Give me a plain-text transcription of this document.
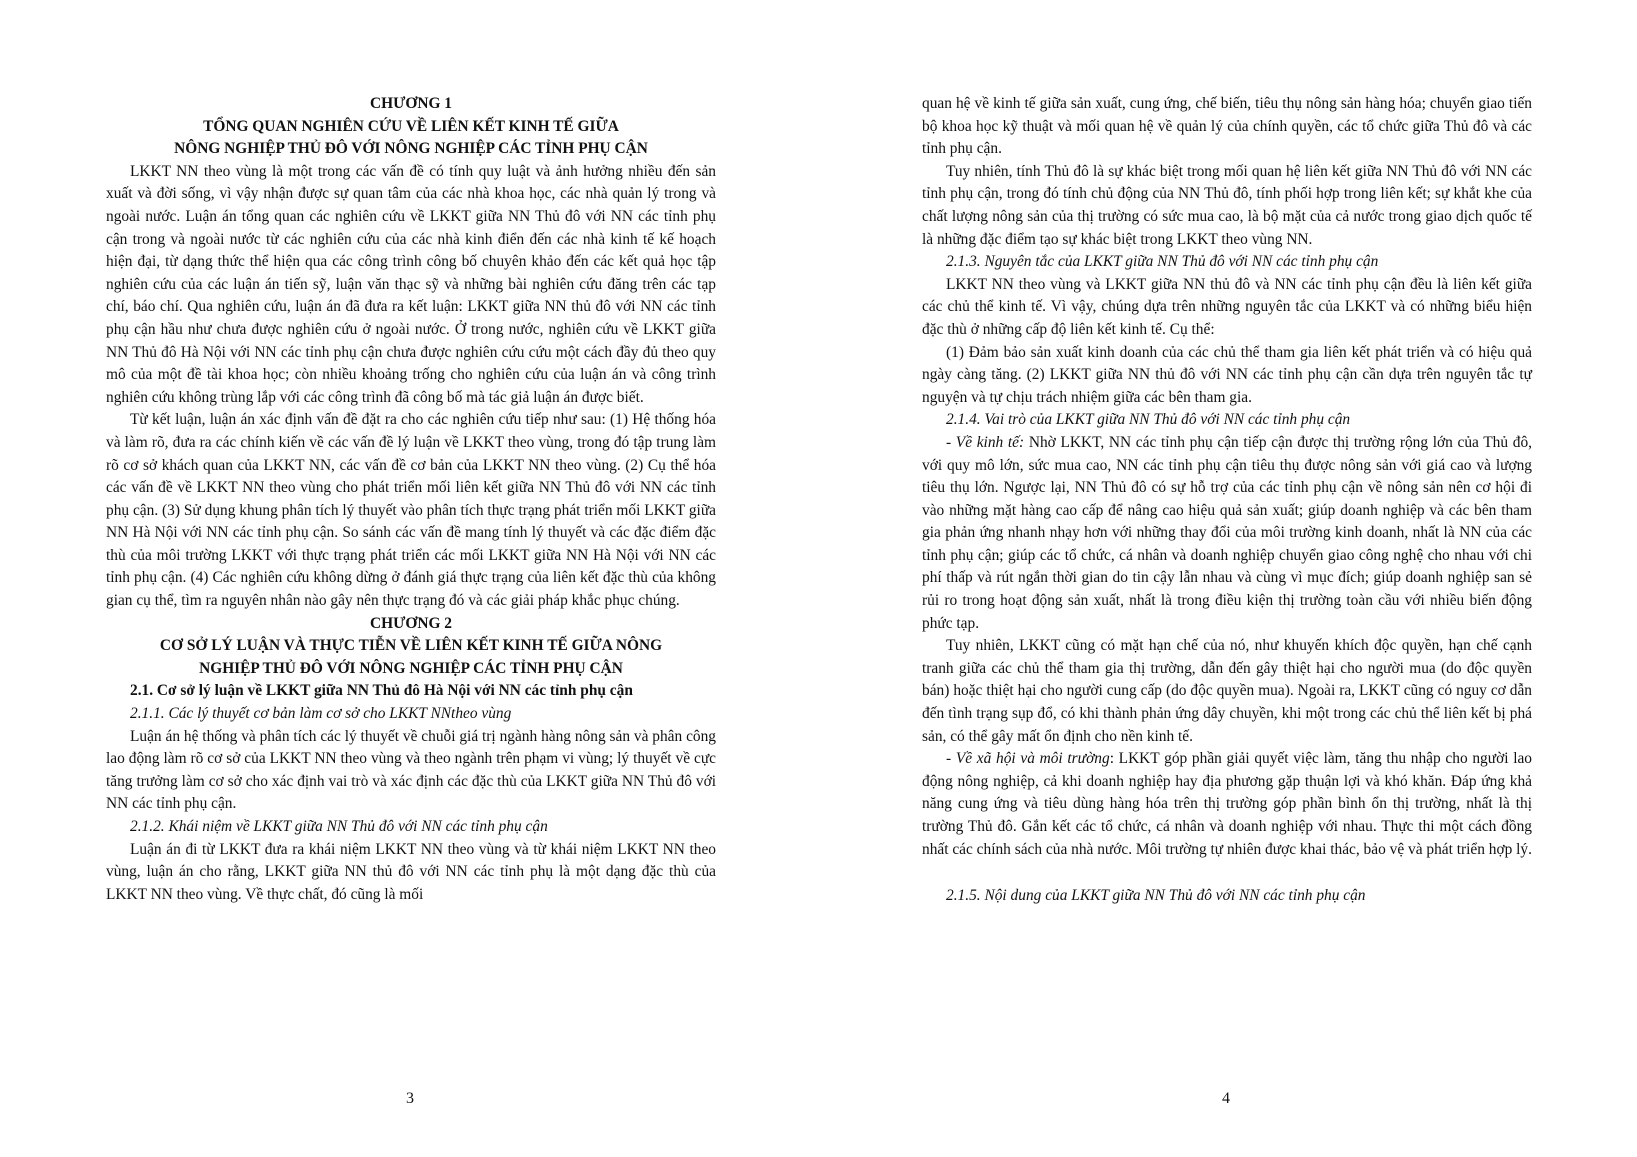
CHƯƠNG 1

TỔNG QUAN NGHIÊN CỨU VỀ LIÊN KẾT KINH TẾ GIỮA

NÔNG NGHIỆP THỦ ĐÔ VỚI NÔNG NGHIỆP CÁC TỈNH PHỤ CẬN

LKKT NN theo vùng là một trong các vấn đề có tính quy luật và ảnh hưởng nhiều đến sản xuất và đời sống, vì vậy nhận được sự quan tâm của các nhà khoa học, các nhà quản lý trong và ngoài nước. Luận án tổng quan các nghiên cứu về LKKT giữa NN Thủ đô với NN các tỉnh phụ cận trong và ngoài nước từ các nghiên cứu của các nhà kinh điển đến các nhà kinh tế kế hoạch hiện đại, từ dạng thức thể hiện qua các công trình công bố chuyên khảo đến các kết quả học tập nghiên cứu của các luận án tiến sỹ, luận văn thạc sỹ và những bài nghiên cứu đăng trên các tạp chí, báo chí. Qua nghiên cứu, luận án đã đưa ra kết luận: LKKT giữa NN thủ đô với NN các tỉnh phụ cận hầu như chưa được nghiên cứu ở ngoài nước. Ở trong nước, nghiên cứu về LKKT giữa NN Thủ đô Hà Nội với NN các tỉnh phụ cận chưa được nghiên cứu cứu một cách đầy đủ theo quy mô của một đề tài khoa học; còn nhiều khoảng trống cho nghiên cứu của luận án và công trình nghiên cứu không trùng lắp với các công trình đã công bố mà tác giả luận án được biết.

Từ kết luận, luận án xác định vấn đề đặt ra cho các nghiên cứu tiếp như sau: (1) Hệ thống hóa và làm rõ, đưa ra các chính kiến về các vấn đề lý luận về LKKT theo vùng, trong đó tập trung làm rõ cơ sở khách quan của LKKT NN, các vấn đề cơ bản của LKKT NN theo vùng. (2) Cụ thể hóa các vấn đề về LKKT NN theo vùng cho phát triển mối liên kết giữa NN Thủ đô với NN các tỉnh phụ cận. (3) Sử dụng khung phân tích lý thuyết vào phân tích thực trạng phát triển mối LKKT giữa NN Hà Nội với NN các tỉnh phụ cận. So sánh các vấn đề mang tính lý thuyết và các đặc điểm đặc thù của môi trường LKKT với thực trạng phát triển các mối LKKT giữa NN Hà Nội với NN các tỉnh phụ cận. (4) Các nghiên cứu không dừng ở đánh giá thực trạng của liên kết đặc thù của không gian cụ thể, tìm ra nguyên nhân nào gây nên thực trạng đó và các giải pháp khắc phục chúng.

CHƯƠNG 2

CƠ SỞ LÝ LUẬN VÀ THỰC TIỄN VỀ LIÊN KẾT KINH TẾ GIỮA NÔNG

NGHIỆP THỦ ĐÔ VỚI NÔNG NGHIỆP CÁC TỈNH PHỤ CẬN

2.1. Cơ sở lý luận về LKKT giữa NN Thủ đô Hà Nội với NN các tỉnh phụ cận

2.1.1. Các lý thuyết cơ bản làm cơ sở cho LKKT NNtheo vùng

Luận án hệ thống và phân tích các lý thuyết về chuỗi giá trị ngành hàng nông sản và phân công lao động làm rõ cơ sở của LKKT NN theo vùng và theo ngành trên phạm vi vùng; lý thuyết về cực tăng trưởng làm cơ sở cho xác định vai trò và xác định các đặc thù của LKKT giữa NN Thủ đô với NN các tỉnh phụ cận.

2.1.2. Khái niệm về LKKT giữa NN Thủ đô với NN các tỉnh phụ cận

Luận án đi từ LKKT đưa ra khái niệm LKKT NN theo vùng và từ khái niệm LKKT NN theo vùng, luận án cho rằng, LKKT giữa NN thủ đô với NN các tỉnh phụ là một dạng đặc thù của LKKT NN theo vùng. Về thực chất, đó cũng là mối

3

quan hệ về kinh tế giữa sản xuất, cung ứng, chế biến, tiêu thụ nông sản hàng hóa; chuyển giao tiến bộ khoa học kỹ thuật và mối quan hệ về quản lý của chính quyền, các tổ chức giữa Thủ đô và các tỉnh phụ cận.

Tuy nhiên, tính Thủ đô là sự khác biệt trong mối quan hệ liên kết giữa NN Thủ đô với NN các tỉnh phụ cận, trong đó tính chủ động của NN Thủ đô, tính phối hợp trong liên kết; sự khắt khe của chất lượng nông sản của thị trường có sức mua cao, là bộ mặt của cả nước trong giao dịch quốc tế là những đặc điểm tạo sự khác biệt trong LKKT theo vùng NN.

2.1.3. Nguyên tắc của LKKT giữa NN Thủ đô với NN các tỉnh phụ cận

LKKT NN theo vùng và LKKT giữa NN thủ đô và NN các tỉnh phụ cận đều là liên kết giữa các chủ thể kinh tế. Vì vậy, chúng dựa trên những nguyên tắc của LKKT và có những biểu hiện đặc thù ở những cấp độ liên kết kinh tế. Cụ thể:

(1) Đảm bảo sản xuất kinh doanh của các chủ thể tham gia liên kết phát triển và có hiệu quả ngày càng tăng. (2) LKKT giữa NN thủ đô với NN các tỉnh phụ cận cần dựa trên nguyên tắc tự nguyện và tự chịu trách nhiệm giữa các bên tham gia.

2.1.4. Vai trò của LKKT giữa NN Thủ đô với NN các tỉnh phụ cận

- Về kinh tế: Nhờ LKKT, NN các tỉnh phụ cận tiếp cận được thị trường rộng lớn của Thủ đô, với quy mô lớn, sức mua cao, NN các tỉnh phụ cận tiêu thụ được nông sản với giá cao và lượng tiêu thụ lớn. Ngược lại, NN Thủ đô có sự hỗ trợ của các tỉnh phụ cận về nông sản nên cơ hội đi vào những mặt hàng cao cấp để nâng cao hiệu quả sản xuất; giúp doanh nghiệp và các bên tham gia phản ứng nhanh nhạy hơn với những thay đổi của môi trường kinh doanh, nhất là NN của các tỉnh phụ cận; giúp các tổ chức, cá nhân và doanh nghiệp chuyển giao công nghệ cho nhau với chi phí thấp và rút ngắn thời gian do tin cậy lẫn nhau và cùng vì mục đích; giúp doanh nghiệp san sẻ rủi ro trong hoạt động sản xuất, nhất là trong điều kiện thị trường toàn cầu với nhiều biến động phức tạp.

Tuy nhiên, LKKT cũng có mặt hạn chế của nó, như khuyến khích độc quyền, hạn chế cạnh tranh giữa các chủ thể tham gia thị trường, dẫn đến gây thiệt hại cho người mua (do độc quyền bán) hoặc thiệt hại cho người cung cấp (do độc quyền mua). Ngoài ra, LKKT cũng có nguy cơ dẫn đến tình trạng sụp đổ, có khi thành phản ứng dây chuyền, khi một trong các chủ thể liên kết bị phá sản, có thể gây mất ổn định cho nền kinh tế.

- Về xã hội và môi trường: LKKT góp phần giải quyết việc làm, tăng thu nhập cho người lao động nông nghiệp, cả khi doanh nghiệp hay địa phương gặp thuận lợi và khó khăn. Đáp ứng khả năng cung ứng và tiêu dùng hàng hóa trên thị trường góp phần bình ổn thị trường, nhất là thị trường Thủ đô. Gắn kết các tổ chức, cá nhân và doanh nghiệp với nhau. Thực thi một cách đồng nhất các chính sách của nhà nước. Môi trường tự nhiên được khai thác, bảo vệ và phát triển hợp lý.

2.1.5. Nội dung của LKKT giữa NN Thủ đô với NN các tỉnh phụ cận

4
